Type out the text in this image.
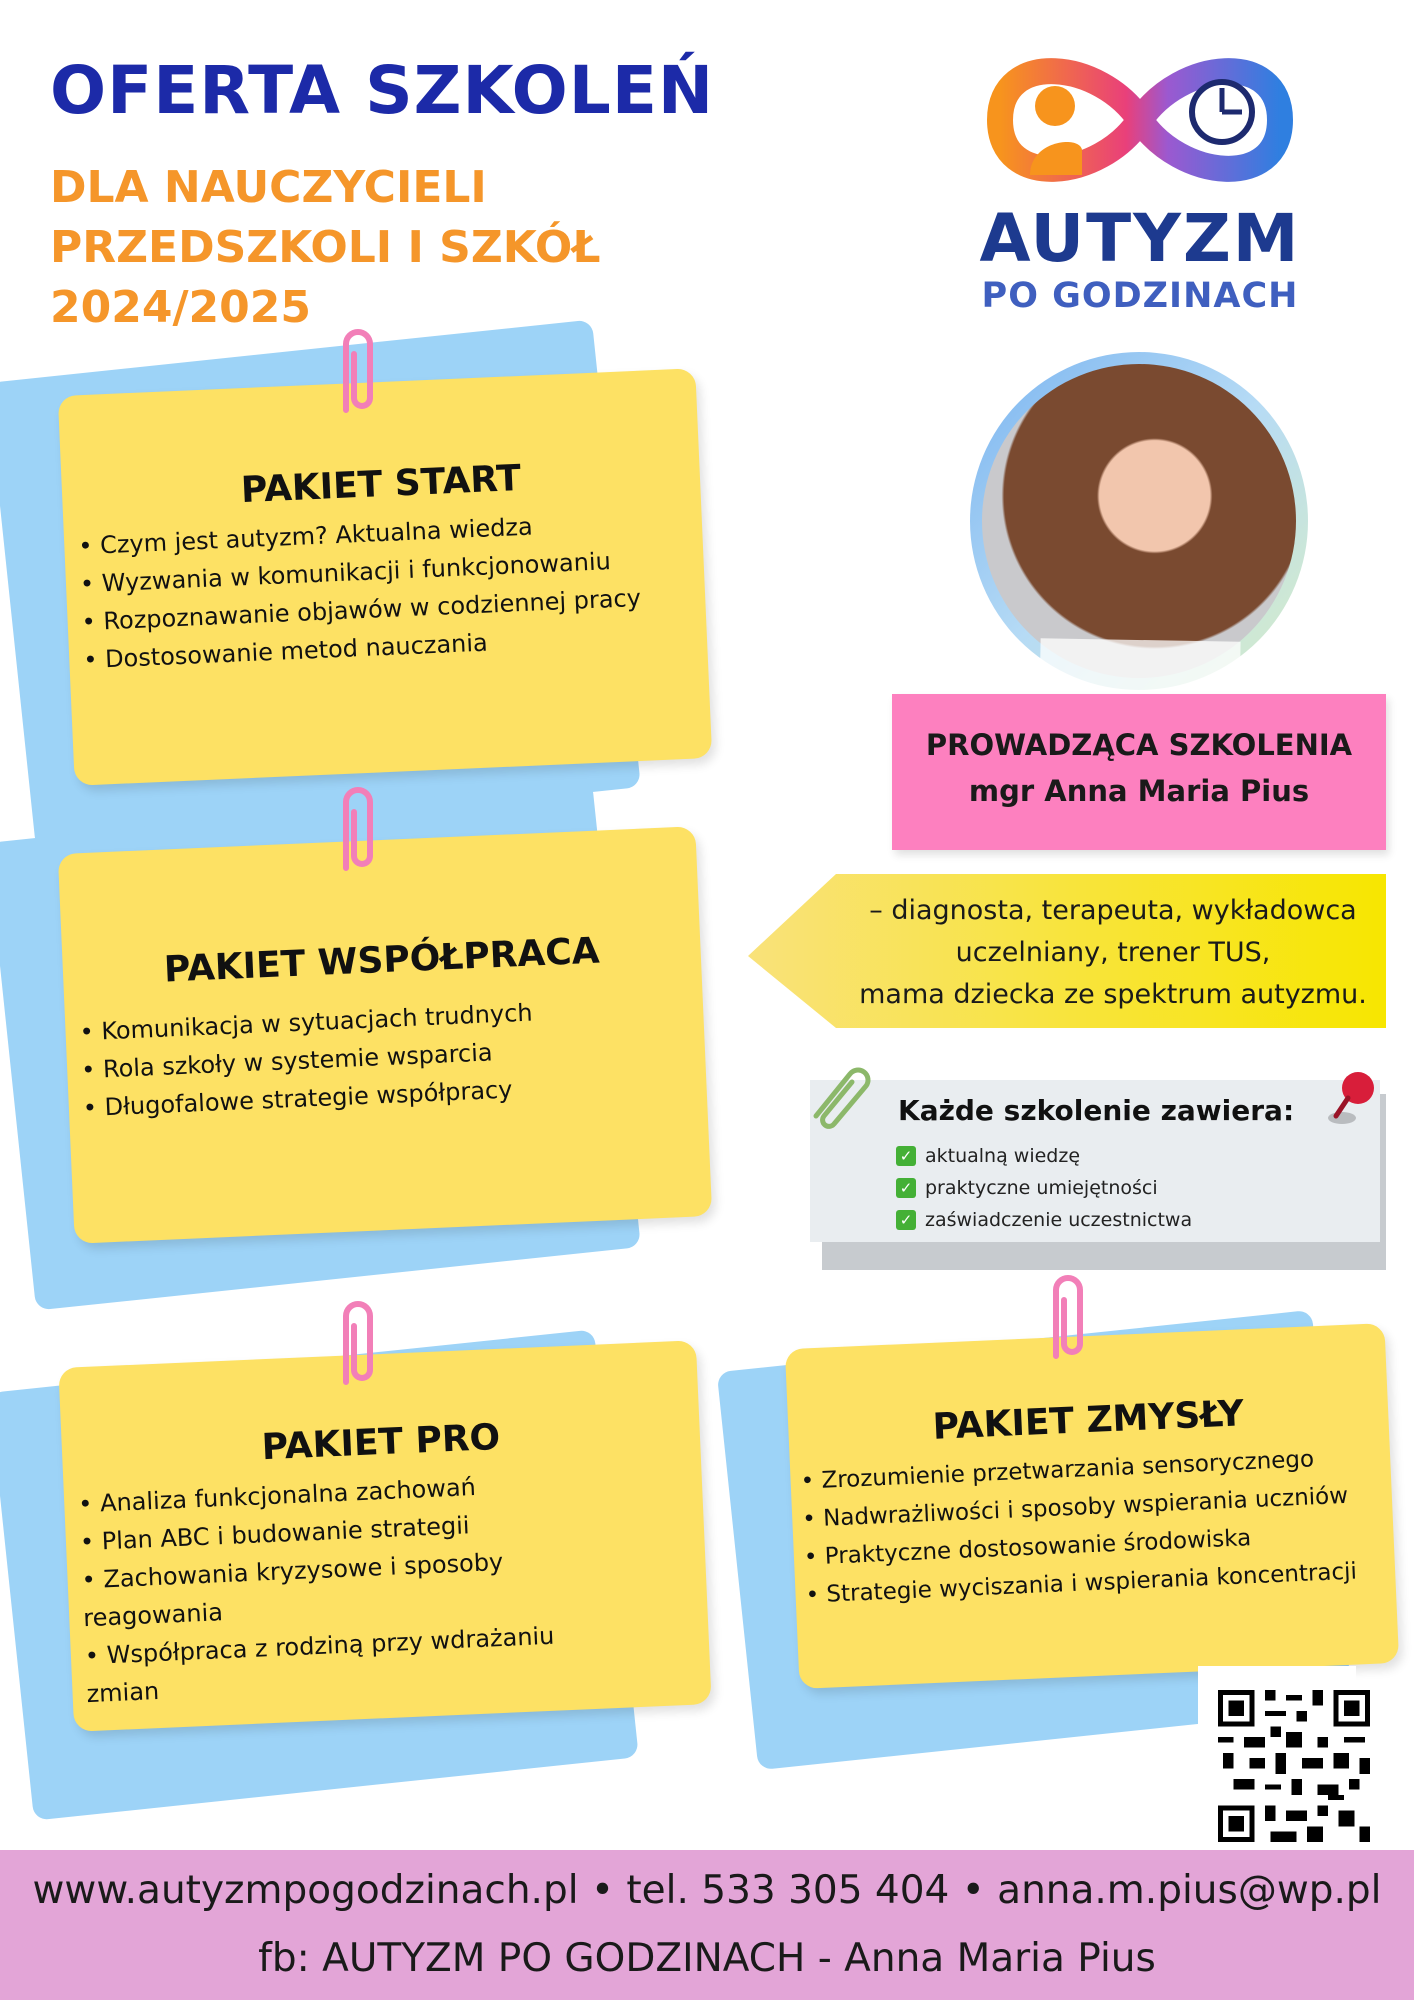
OFERTA SZKOLEŃ
DLA NAUCZYCIELI
PRZEDSZKOLI I SZKÓŁ
2024/2025
AUTYZM
PO GODZINACH
PAKIET START
• Czym jest autyzm? Aktualna wiedza
• Wyzwania w komunikacji i funkcjonowaniu
• Rozpoznawanie objawów w codziennej pracy
• Dostosowanie metod nauczania
PAKIET WSPÓŁPRACA
• Komunikacja w sytuacjach trudnych
• Rola szkoły w systemie wsparcia
• Długofalowe strategie współpracy
PAKIET PRO
• Analiza funkcjonalna zachowań
• Plan ABC i budowanie strategii
• Zachowania kryzysowe i sposoby reagowania
• Współpraca z rodziną przy wdrażaniu zmian
PAKIET ZMYSŁY
• Zrozumienie przetwarzania sensorycznego
• Nadwrażliwości i sposoby wspierania uczniów
• Praktyczne dostosowanie środowiska
• Strategie wyciszania i wspierania koncentracji
PROWADZĄCA SZKOLENIA
mgr Anna Maria Pius
– diagnosta, terapeuta, wykładowca
uczelniany, trener TUS,
mama dziecka ze spektrum autyzmu.
Każde szkolenie zawiera:
✓ aktualną wiedzę
✓ praktyczne umiejętności
✓ zaświadczenie uczestnictwa
www.autyzmpogodzinach.pl • tel. 533 305 404 • anna.m.pius@wp.pl
fb: AUTYZM PO GODZINACH - Anna Maria Pius
